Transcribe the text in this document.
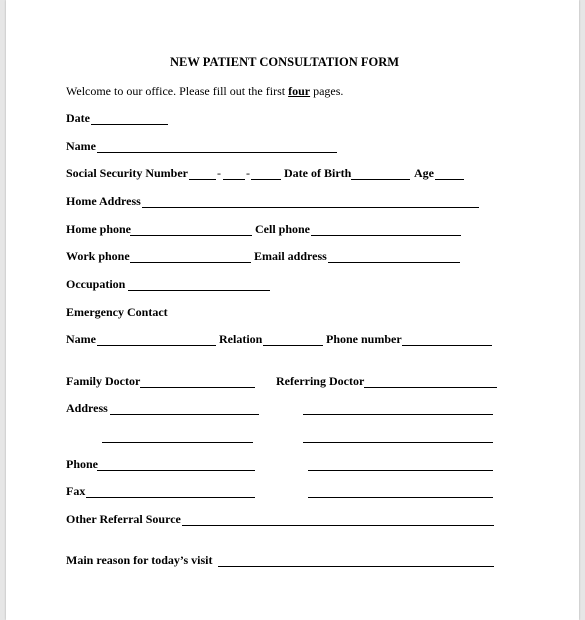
NEW PATIENT CONSULTATION FORM
Welcome to our office. Please fill out the first four pages.
Date
Name
Social Security Number - -	Date of Birth	Age
Home Address
Home phone	Cell phone
Work phone	Email address
Occupation
Emergency Contact
Name	Relation	Phone number
Family Doctor	Referring Doctor
Address
Phone
Fax
Other Referral Source
Main reason for today’s visit
